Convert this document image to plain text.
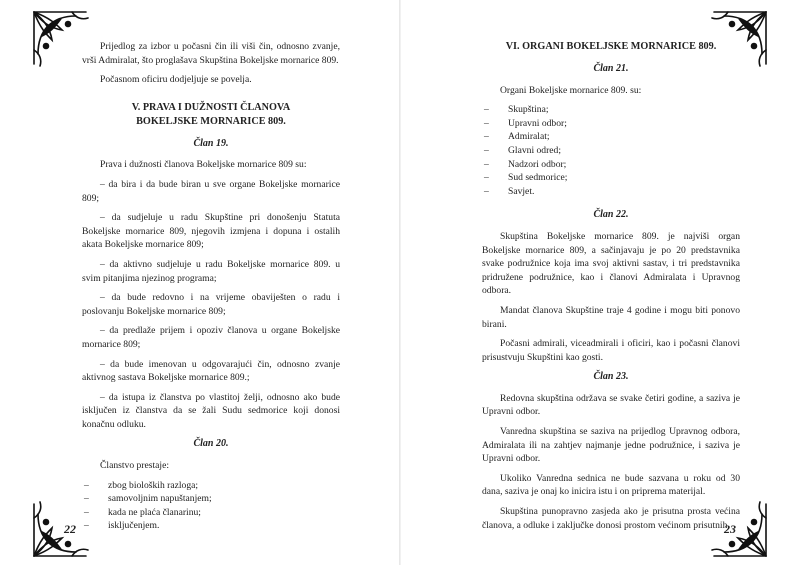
Prijedlog za izbor u počasni čin ili viši čin, odnosno zvanje, vrši Admiralat, što proglašava Skupština Bokeljske mornarice 809.

Počasnom oficiru dodjeljuje se povelja.

V. PRAVA I DUŽNOSTI ČLANOVA BOKELJSKE MORNARICE 809.
Član 19.

Prava i dužnosti članova Bokeljske mornarice 809 su:

– da bira i da bude biran u sve organe Bokeljske mornarice 809;

– da sudjeluje u radu Skupštine pri donošenju Statuta Bokeljske mornarice 809, njegovih izmjena i dopuna i ostalih akata Bokeljske mornarice 809;

– da aktivno sudjeluje u radu Bokeljske mornarice 809. u svim pitanjima njezinog programa;

– da bude redovno i na vrijeme obaviješten o radu i poslovanju Bokeljske mornarice 809;

– da predlaže prijem i opoziv članova u organe Bokeljske mornarice 809;

– da bude imenovan u odgovarajući čin, odnosno zvanje aktivnog sastava Bokeljske mornarice 809.;

– da istupa iz članstva po vlastitoj želji, odnosno ako bude isključen iz članstva da se žali Sudu sedmorice koji donosi konačnu odluku.

Član 20.

Članstvo prestaje:

– zbog bioloških razloga;
– samovoljnim napuštanjem;
– kada ne plaća članarinu;
– isključenjem.
22
VI. ORGANI BOKELJSKE MORNARICE 809.
Član 21.

Organi Bokeljske mornarice 809. su:

– Skupština;
– Upravni odbor;
– Admiralat;
– Glavni odred;
– Nadzori odbor;
– Sud sedmorice;
– Savjet.
Član 22.

Skupština Bokeljske mornarice 809. je najviši organ Bokeljske mornarice 809, a sačinjavaju je po 20 predstavnika svake podružnice koja ima svoj aktivni sastav, i tri predstavnika pridružene podružnice, kao i članovi Admiralata i Upravnog odbora.

Mandat članova Skupštine traje 4 godine i mogu biti ponovo birani.

Počasni admirali, viceadmirali i oficiri, kao i počasni članovi prisustvuju Skupštini kao gosti.

Član 23.

Redovna skupština održava se svake četiri godine, a saziva je Upravni odbor.

Vanredna skupština se saziva na prijedlog Upravnog odbora, Admiralata ili na zahtjev najmanje jedne podružnice, i saziva je Upravni odbor.

Ukoliko Vanredna sednica ne bude sazvana u roku od 30 dana, saziva je onaj ko inicira istu i on priprema materijal.

Skupština punopravno zasjeda ako je prisutna prosta većina članova, a odluke i zaključke donosi prostom većinom prisutnih.

23
